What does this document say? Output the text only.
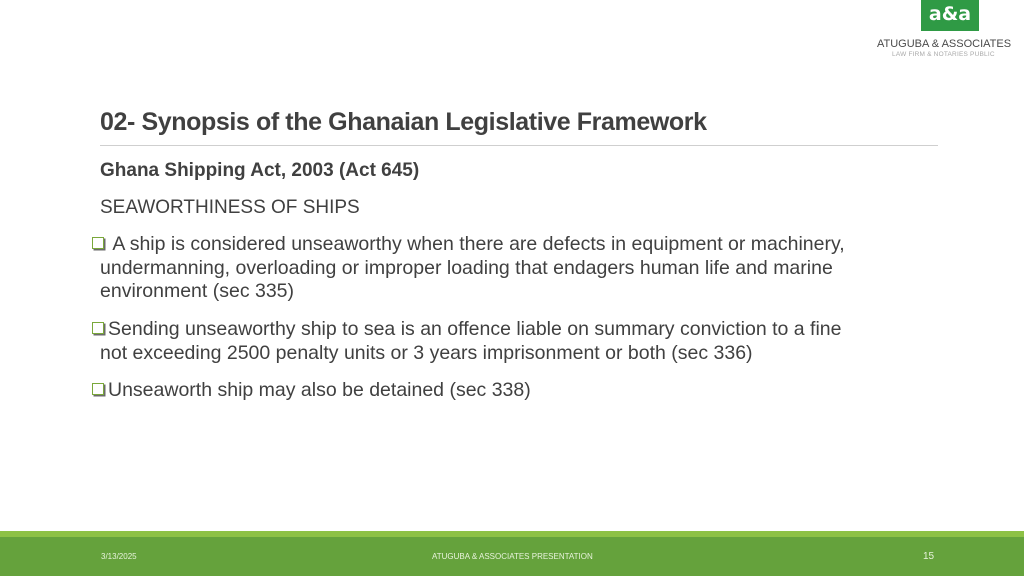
a&a
ATUGUBA & ASSOCIATES
LAW FIRM & NOTARIES PUBLIC
02- Synopsis of the Ghanaian Legislative Framework
Ghana Shipping Act, 2003 (Act 645)
SEAWORTHINESS OF SHIPS
A ship is considered unseaworthy when there are defects in equipment or machinery,
undermanning, overloading or improper loading that endagers human life and marine
environment (sec 335)
Sending unseaworthy ship to sea is an offence liable on summary conviction to a fine
not exceeding 2500 penalty units or 3 years imprisonment or both (sec 336)
Unseaworth ship may also be detained (sec 338)
3/13/2025	ATUGUBA & ASSOCIATES PRESENTATION	15
